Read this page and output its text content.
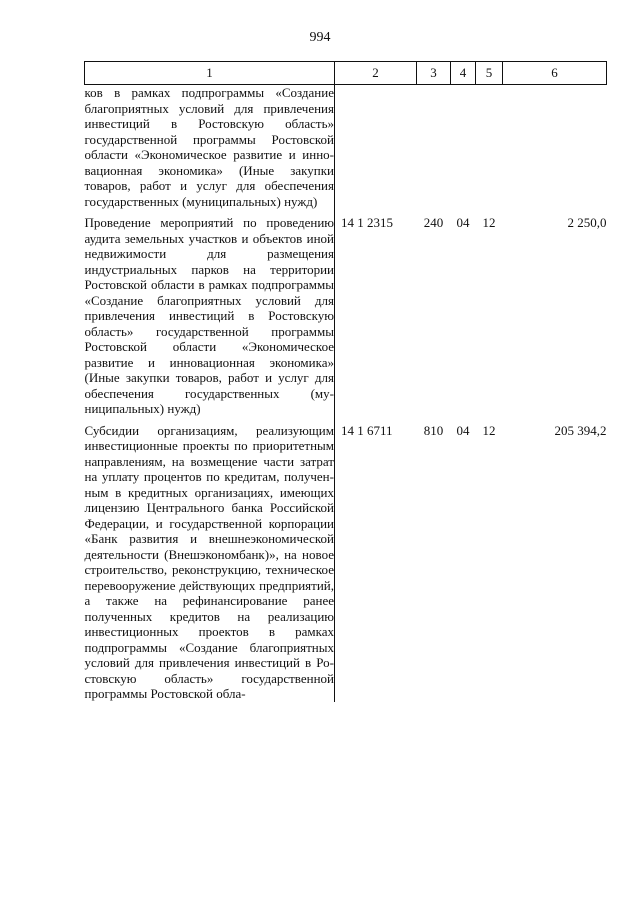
994
1	2	3	4	5	6
ков в рамках подпрограммы «Создание благоприятных условий для привлечения инвестиций в Ростовскую область» государственной программы Ростовской области «Экономическое развитие и инновационная экономика» (Иные закупки товаров, работ и услуг для обеспечения государственных (муниципальных) нужд)					

Проведение мероприятий по проведению аудита земельных участков и объектов иной недвижимости для размещения индустриальных парков на территории Ростовской области в рамках подпрограммы «Создание благоприятных условий для привлечения инвестиций в Ростовскую область» государственной программы Ростовской области «Экономическое развитие и инновационная экономика» (Иные закупки товаров, работ и услуг для обеспечения государственных (муниципальных) нужд)	14 1 2315	240	04	12	2 250,0

Субсидии организациям, реализующим инвестиционные проекты по приоритетным направлениям, на возмещение части затрат на уплату процентов по кредитам, полученным в кредитных организациях, имеющих лицензию Центрального банка Российской Федерации, и государственной корпорации «Банк развития и внешнеэкономической деятельности (Внешэкономбанк)», на новое строительство, реконструкцию, техническое перевооружение действующих предприятий, а также на рефинансирование ранее полученных кредитов на реализацию инвестиционных проектов в рамках подпрограммы «Создание благоприятных условий для привлечения инвестиций в Ростовскую область» государственной программы Ростовской обла-	14 1 6711	810	04	12	205 394,2
